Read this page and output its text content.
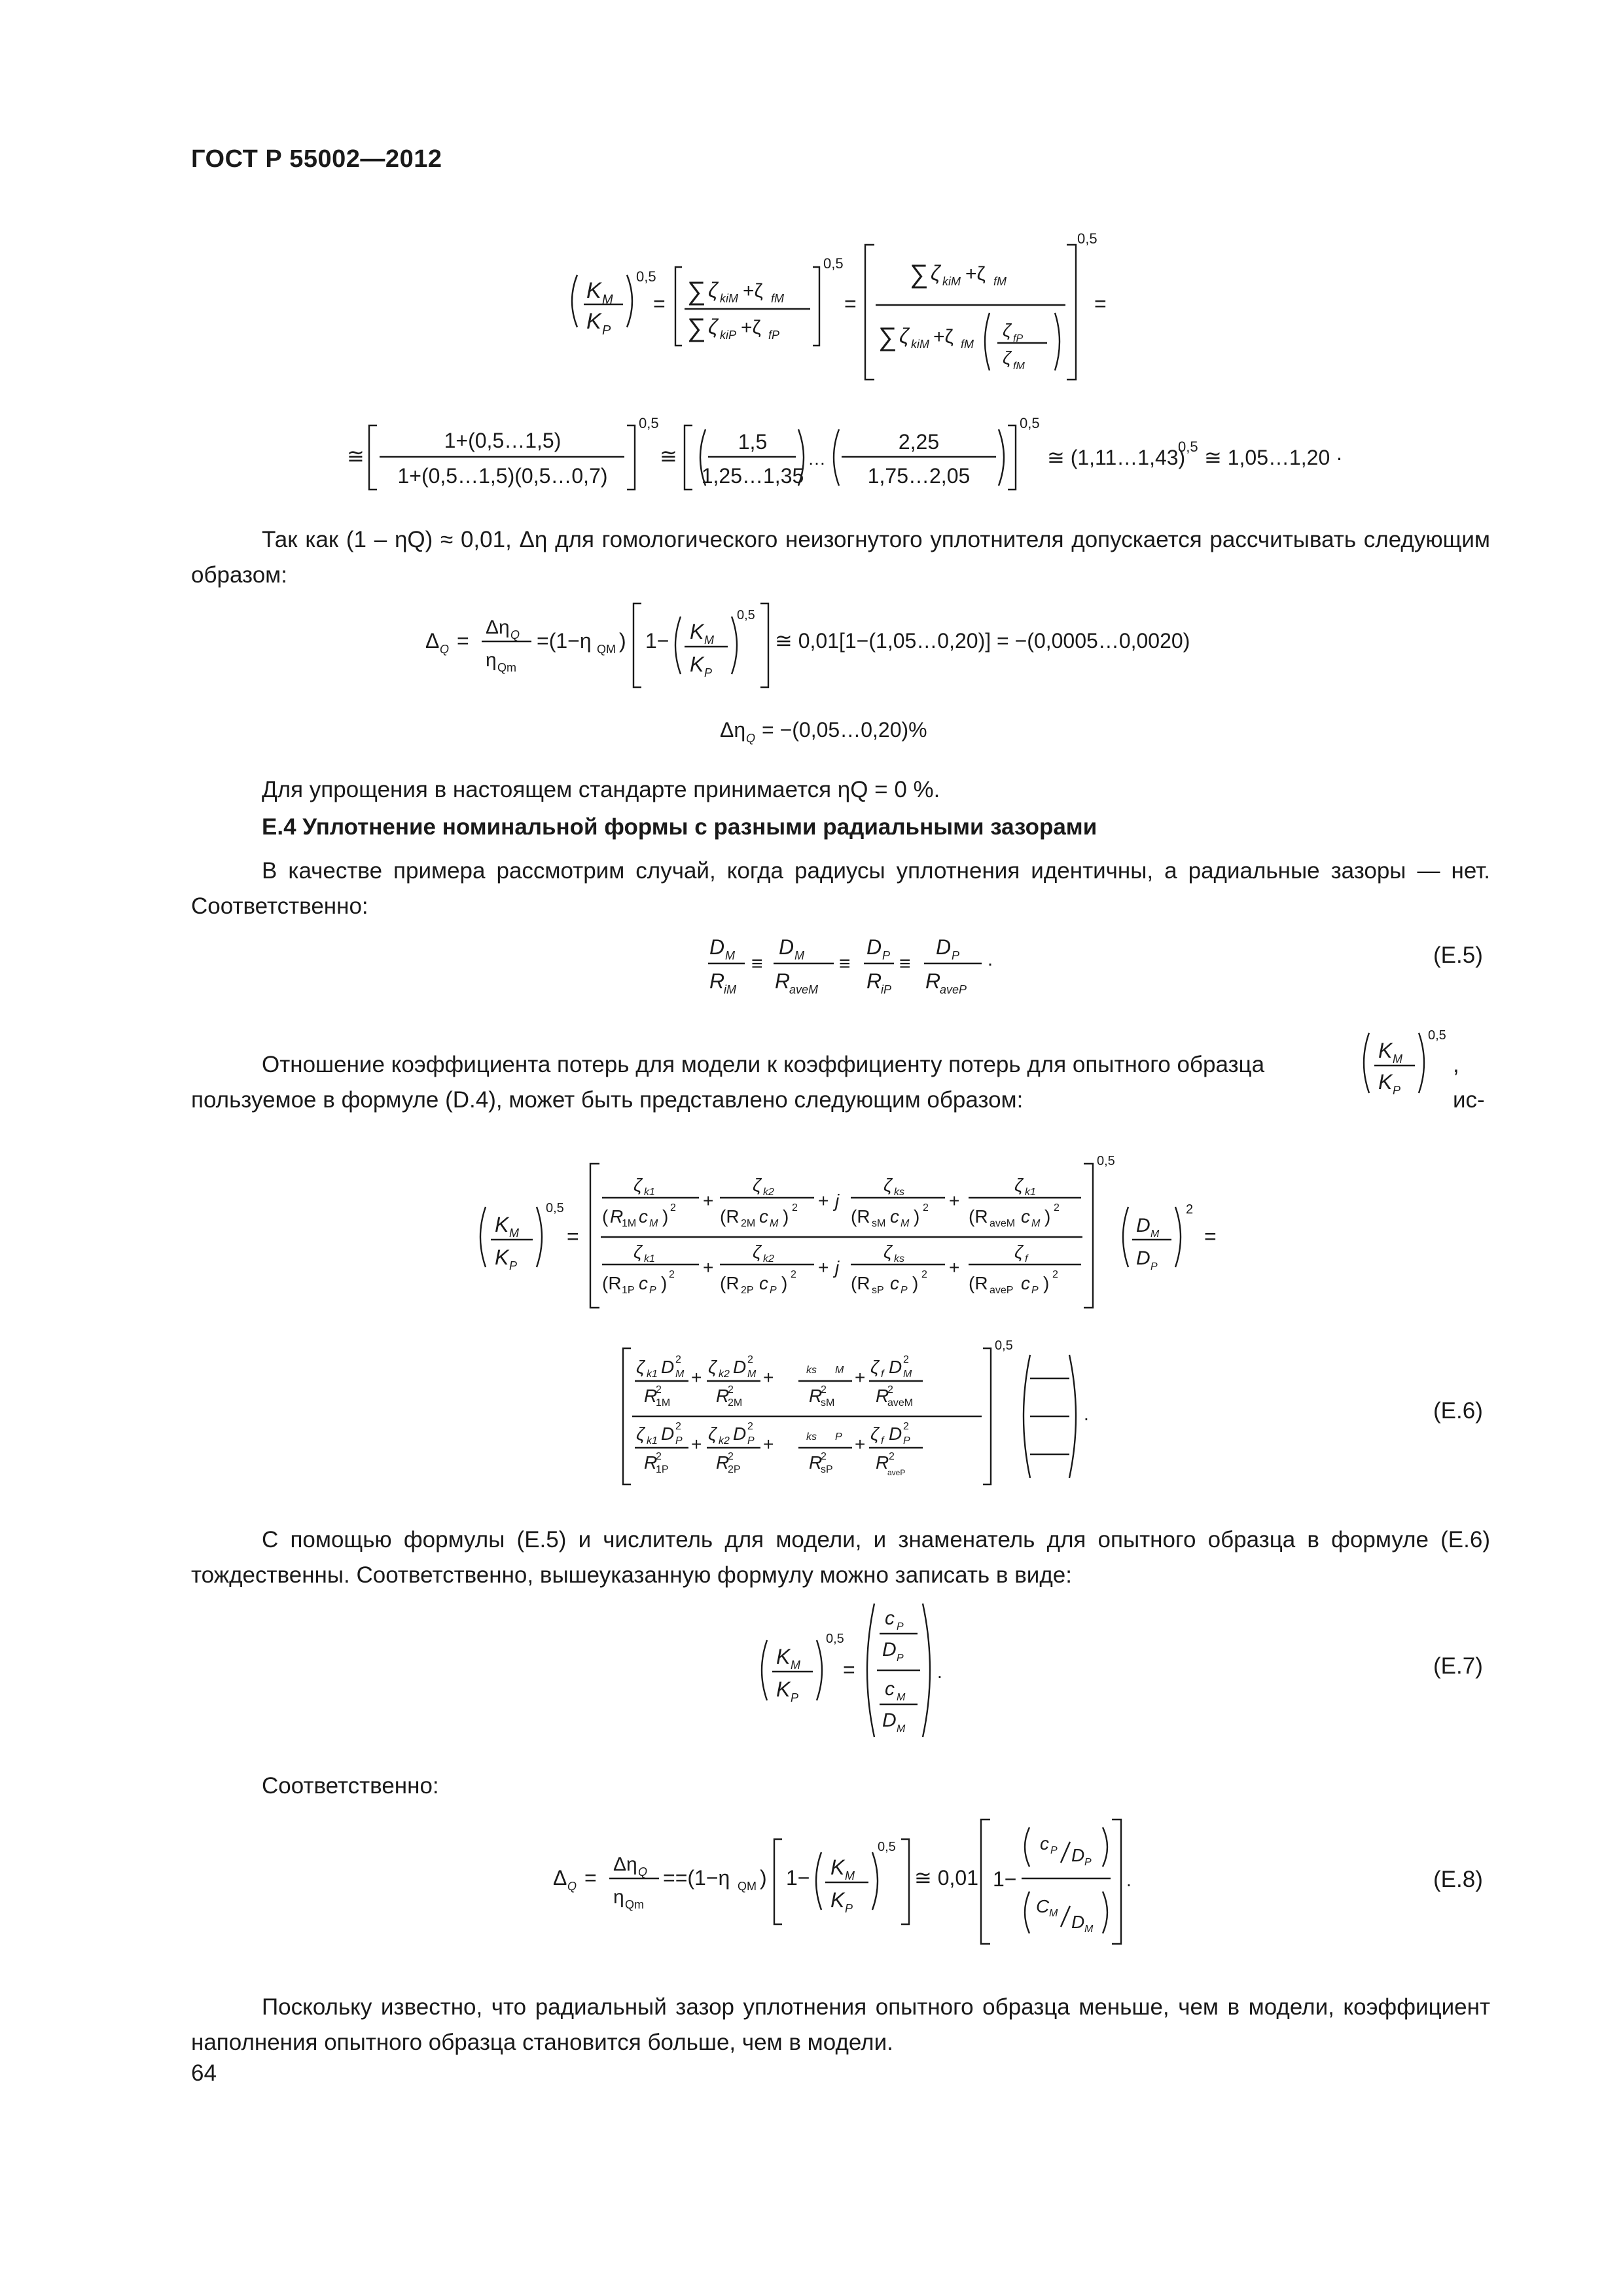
ГОСТ Р 55002—2012
K M
K P
0,5
= ∑ ζ kiM +ζ fM
∑ ζ kiP +ζ fP
0,5
=
∑ ζ kiM +ζ fM
∑ ζ kiM +ζ fM
ζ fP
ζ fM
0,5
=
≅
1+(0,5…1,5)
1+(0,5…1,5)(0,5…0,7)
0,5
≅
1,5
1,25…1,35
…
2,25
1,75…2,05
0,5
≅ (1,11…1,43)
0,5 ≅ 1,05…1,20 ·
Так как (1 – ηQ) ≈ 0,01, Δη для гомологического неизогнутого уплотнителя допускается рассчитывать следующим образом:
Δ Q =
Δη Q
η Qm
=(1−η QM ) 1− K M
K P
0,5
≅ 0,01[1−(1,05…0,20)] = −(0,0005…0,0020)
Δη Q = −(0,05…0,20)%
Для упрощения в настоящем стандарте принимается ηQ = 0 %.
Е.4 Уплотнение номинальной формы с разными радиальными зазорами
В качестве примера рассмотрим случай, когда радиусы уплотнения идентичны, а радиальные зазоры — нет. Соответственно:
D M
R
iM
≡
D M
R
aveM
≡
D P
R
iP
≡
D P
R
aveP
·	(Е.5)
Отношение коэффициента потерь для модели к коэффициенту потерь для опытного образца
K M
K P
0,5
, ис-
пользуемое в формуле (D.4), может быть представлено следующим образом:
K M
K P
0,5
=
ζ k1
( R
1M c M ) 2 +
ζ k2
(R 2M c M ) 2 + j
ζ ks
(R sM c M ) 2 +
ζ k1
(R aveM c M ) 2
ζ k1
(R 1P c P ) 2 +
ζ k2
(R 2P c P ) 2 + j
ζ ks
(R sP c P ) 2 +
ζ f
(R aveP c P ) 2
0,5
D M
D P
2
=
ζ k1 D M
2
R
1M
2
+
ζ k2 D M
2
R
2M
2
+	ks M
R
sM
2
+
ζ f D M
2
R
aveM
2
ζ k1 D P
2
R
1P
2
+
ζ k2 D P
2
R
2P
2
+	ks P
R
sP
2
+
ζ f D P
2
R 2
aveP
0,5
.	(Е.6)
С помощью формулы (Е.5) и числитель для модели, и знаменатель для опытного образца в формуле (Е.6) тождественны. Соответственно, вышеуказанную формулу можно записать в виде:
K M
K P
0,5
=
c P
D P
c M
D M
.	(Е.7)
Соответственно:
Δ Q =
Δη Q
η Qm
==(1−η QM ) 1− K M
K P
0,5
≅ 0,01 1−
c P D P
C M D M
.	(Е.8)
Поскольку известно, что радиальный зазор уплотнения опытного образца меньше, чем в модели, коэффициент наполнения опытного образца становится больше, чем в модели.
64
